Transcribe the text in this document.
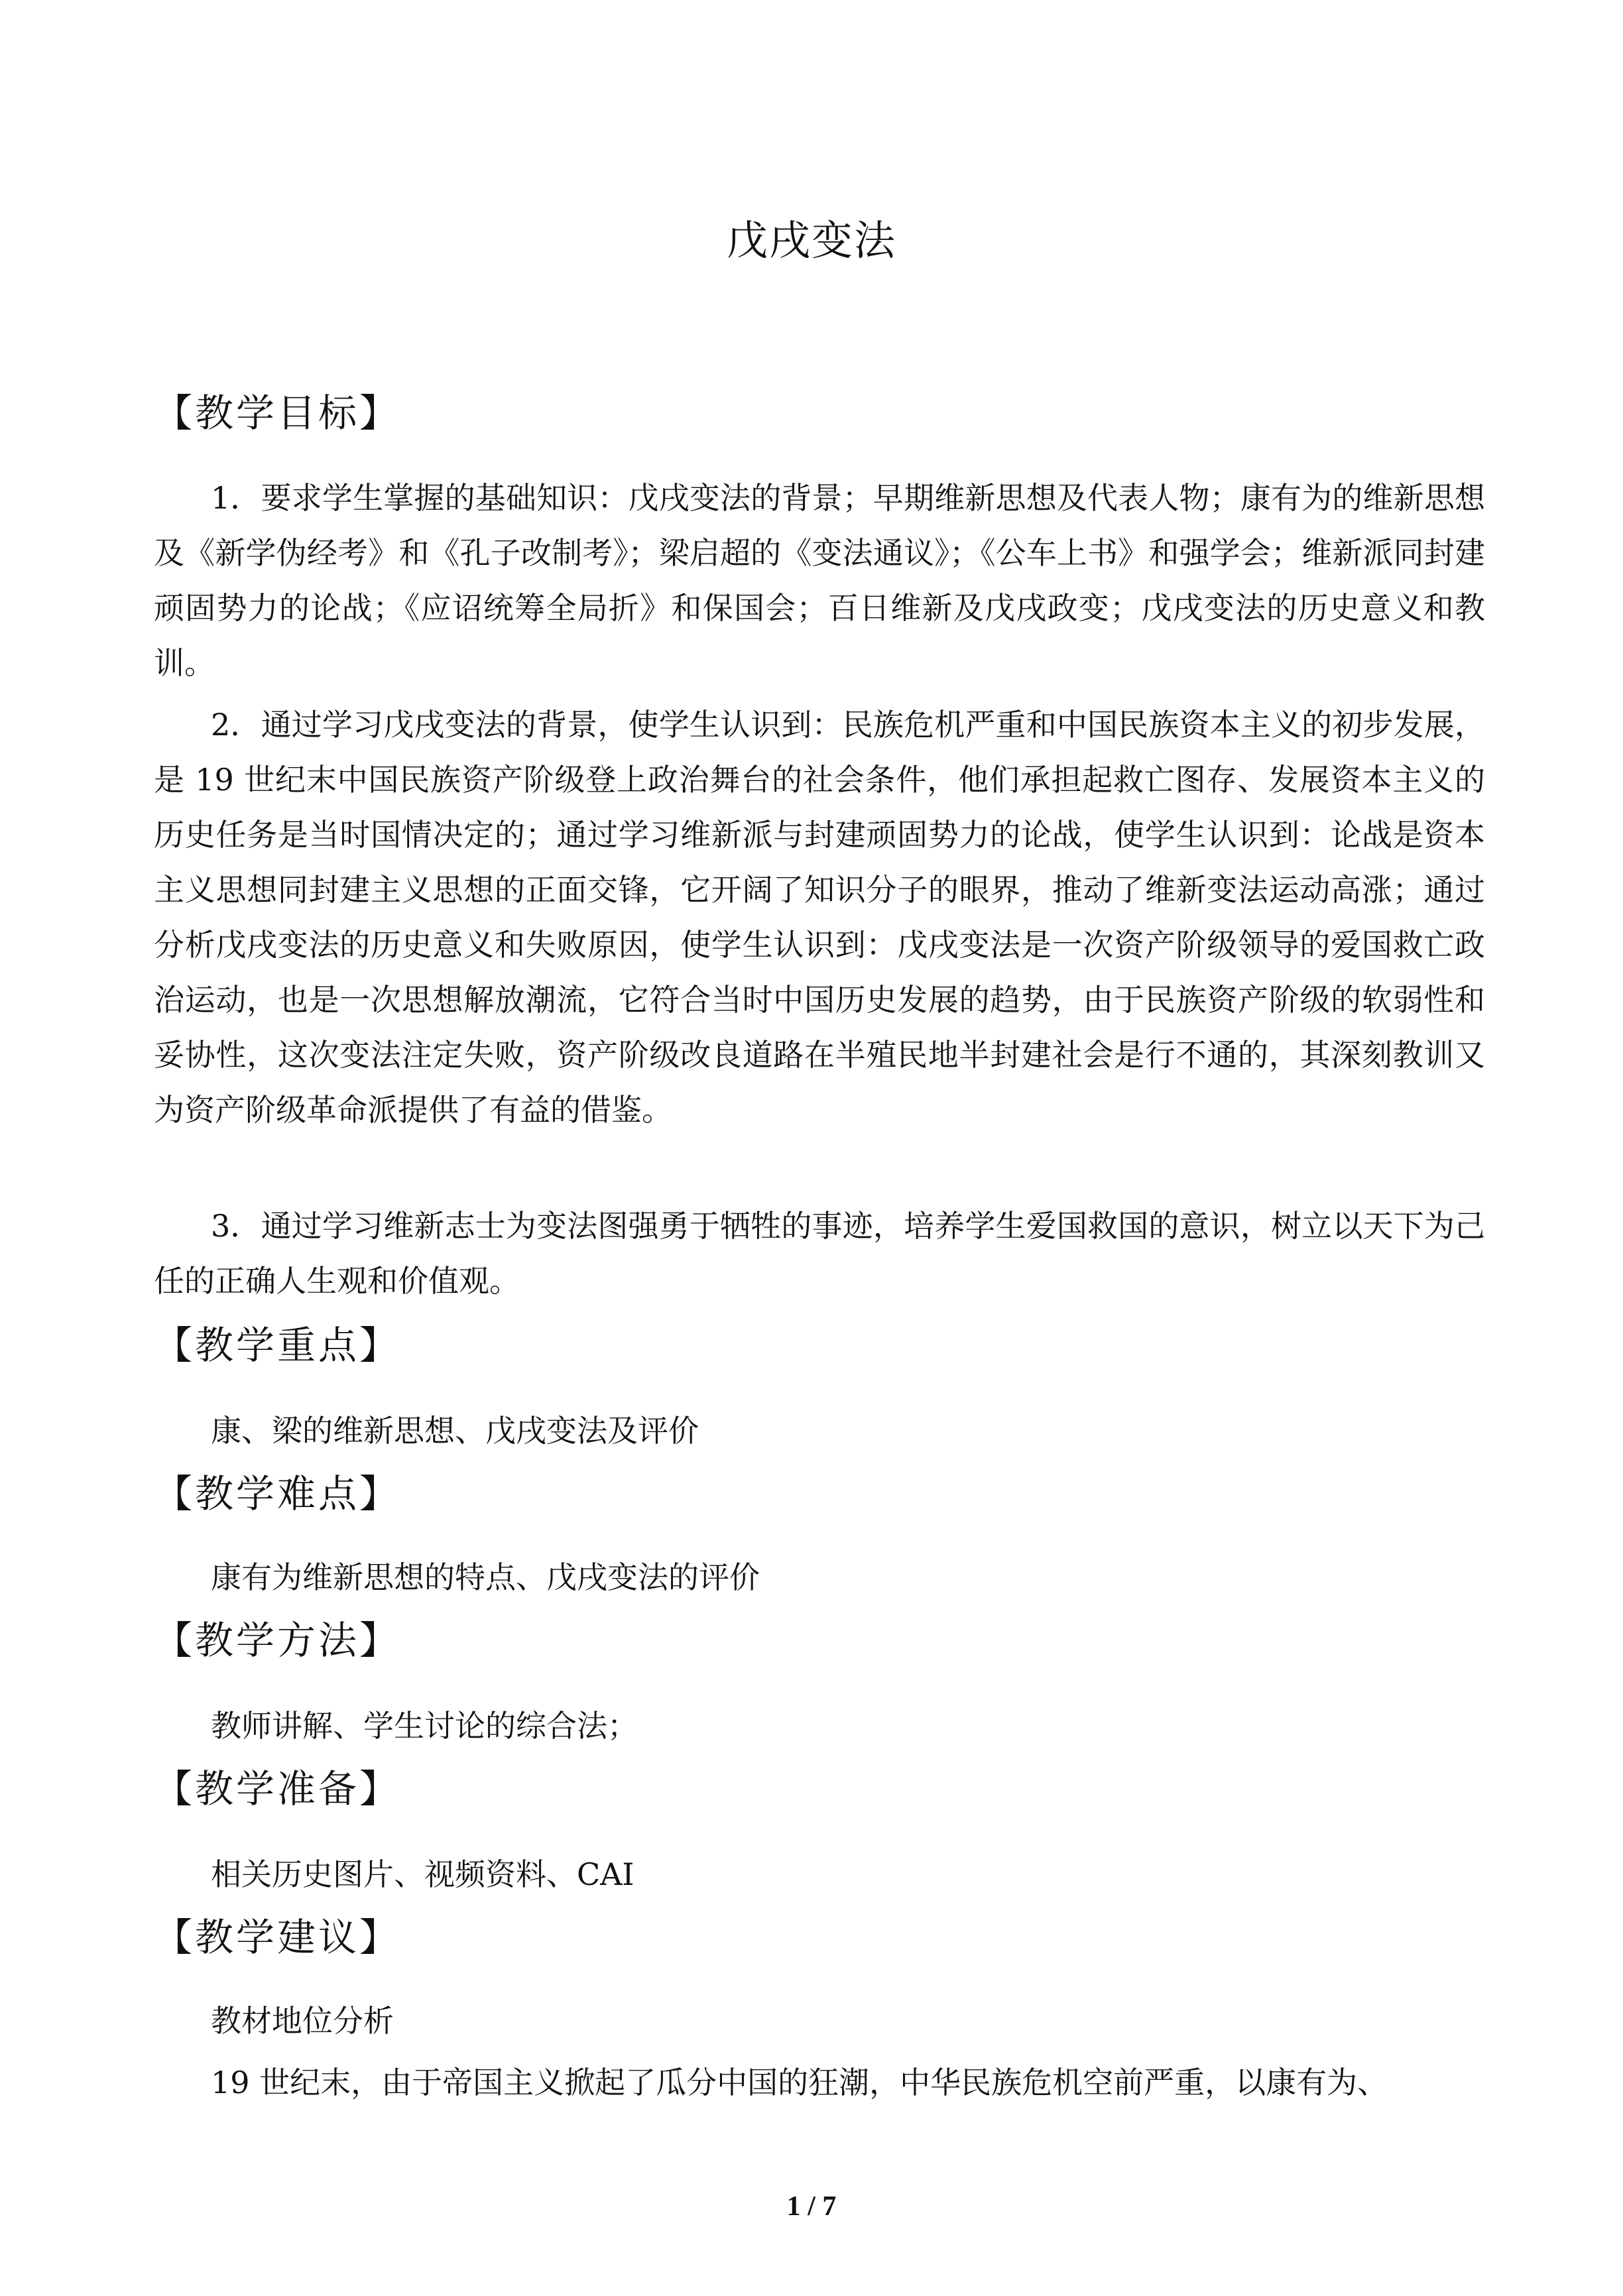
戊戌变法
【教学目标】
1．要求学生掌握的基础知识：戊戌变法的背景；早期维新思想及代表人物；康有为的维新思想及《新学伪经考》和《孔子改制考》；梁启超的《变法通议》；《公车上书》和强学会；维新派同封建顽固势力的论战；《应诏统筹全局折》和保国会；百日维新及戊戌政变；戊戌变法的历史意义和教训。
2．通过学习戊戌变法的背景，使学生认识到：民族危机严重和中国民族资本主义的初步发展，是 19 世纪末中国民族资产阶级登上政治舞台的社会条件，他们承担起救亡图存、发展资本主义的历史任务是当时国情决定的；通过学习维新派与封建顽固势力的论战，使学生认识到：论战是资本主义思想同封建主义思想的正面交锋，它开阔了知识分子的眼界，推动了维新变法运动高涨；通过分析戊戌变法的历史意义和失败原因，使学生认识到：戊戌变法是一次资产阶级领导的爱国救亡政治运动，也是一次思想解放潮流，它符合当时中国历史发展的趋势，由于民族资产阶级的软弱性和妥协性，这次变法注定失败，资产阶级改良道路在半殖民地半封建社会是行不通的，其深刻教训又为资产阶级革命派提供了有益的借鉴。
3．通过学习维新志士为变法图强勇于牺牲的事迹，培养学生爱国救国的意识，树立以天下为己任的正确人生观和价值观。
【教学重点】
康、梁的维新思想、戊戌变法及评价
【教学难点】
康有为维新思想的特点、戊戌变法的评价
【教学方法】
教师讲解、学生讨论的综合法；
【教学准备】
相关历史图片、视频资料、CAI
【教学建议】
教材地位分析
19 世纪末，由于帝国主义掀起了瓜分中国的狂潮，中华民族危机空前严重，以康有为、
1 / 7
